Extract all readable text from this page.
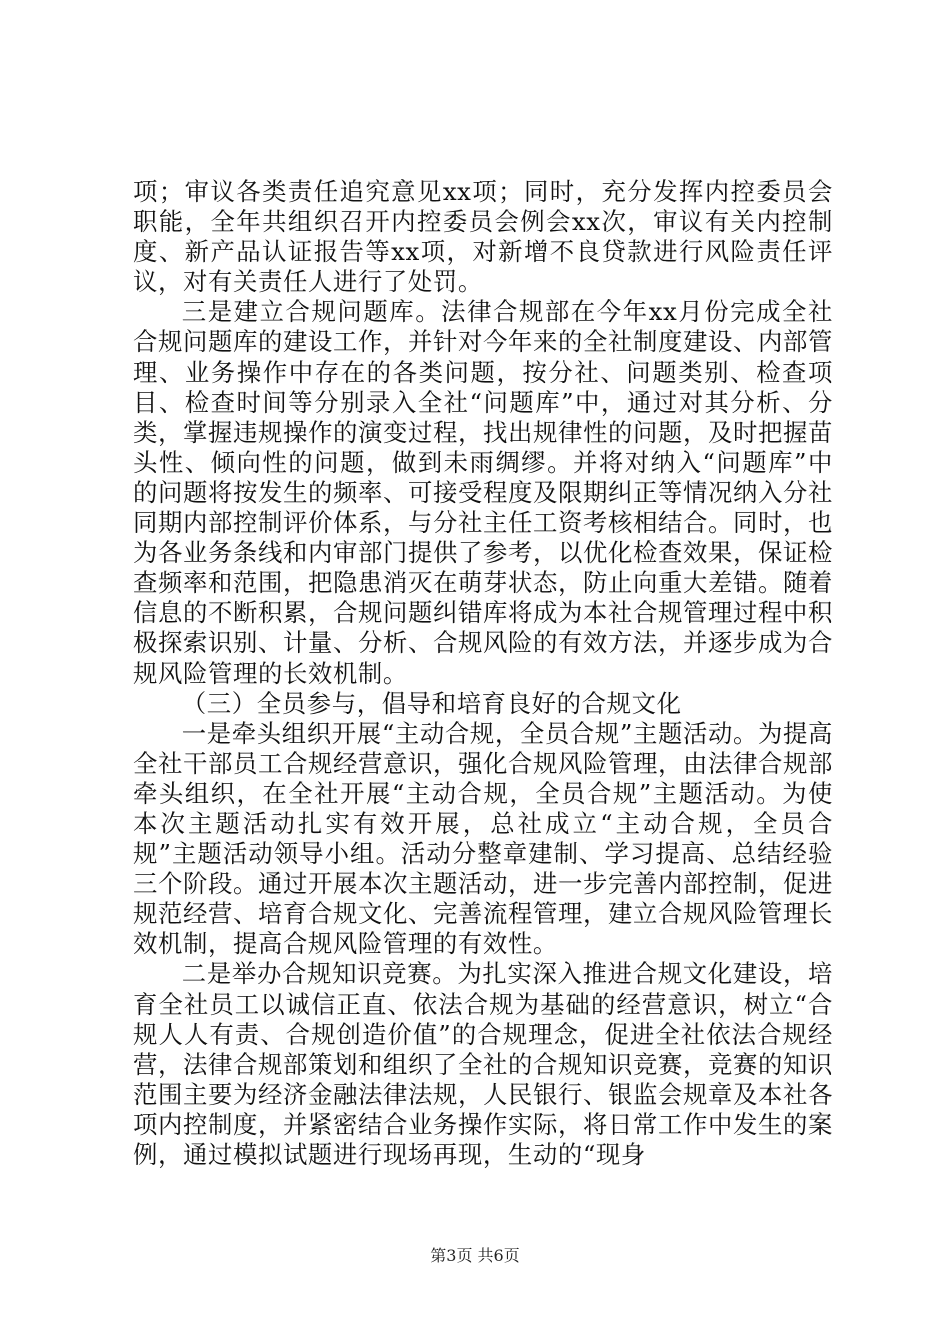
项；审议各类责任追究意见xx项；同时，充分发挥内控委员会职能，全年共组织召开内控委员会例会xx次，审议有关内控制度、新产品认证报告等xx项，对新增不良贷款进行风险责任评议，对有关责任人进行了处罚。

三是建立合规问题库。法律合规部在今年xx月份完成全社合规问题库的建设工作，并针对今年来的全社制度建设、内部管理、业务操作中存在的各类问题，按分社、问题类别、检查项目、检查时间等分别录入全社“问题库”中，通过对其分析、分类，掌握违规操作的演变过程，找出规律性的问题，及时把握苗头性、倾向性的问题，做到未雨绸缪。并将对纳入“问题库”中的问题将按发生的频率、可接受程度及限期纠正等情况纳入分社同期内部控制评价体系，与分社主任工资考核相结合。同时，也为各业务条线和内审部门提供了参考，以优化检查效果，保证检查频率和范围，把隐患消灭在萌芽状态，防止向重大差错。随着信息的不断积累，合规问题纠错库将成为本社合规管理过程中积极探索识别、计量、分析、合规风险的有效方法，并逐步成为合规风险管理的长效机制。

（三）全员参与，倡导和培育良好的合规文化

一是牵头组织开展“主动合规，全员合规”主题活动。为提高全社干部员工合规经营意识，强化合规风险管理，由法律合规部牵头组织，在全社开展“主动合规，全员合规”主题活动。为使本次主题活动扎实有效开展，总社成立“主动合规，全员合规”主题活动领导小组。活动分整章建制、学习提高、总结经验三个阶段。通过开展本次主题活动，进一步完善内部控制，促进规范经营、培育合规文化、完善流程管理，建立合规风险管理长效机制，提高合规风险管理的有效性。

二是举办合规知识竞赛。为扎实深入推进合规文化建设，培育全社员工以诚信正直、依法合规为基础的经营意识，树立“合规人人有责、合规创造价值”的合规理念，促进全社依法合规经营，法律合规部策划和组织了全社的合规知识竞赛，竞赛的知识范围主要为经济金融法律法规，人民银行、银监会规章及本社各项内控制度，并紧密结合业务操作实际，将日常工作中发生的案例，通过模拟试题进行现场再现，生动的“现身

第3页 共6页
